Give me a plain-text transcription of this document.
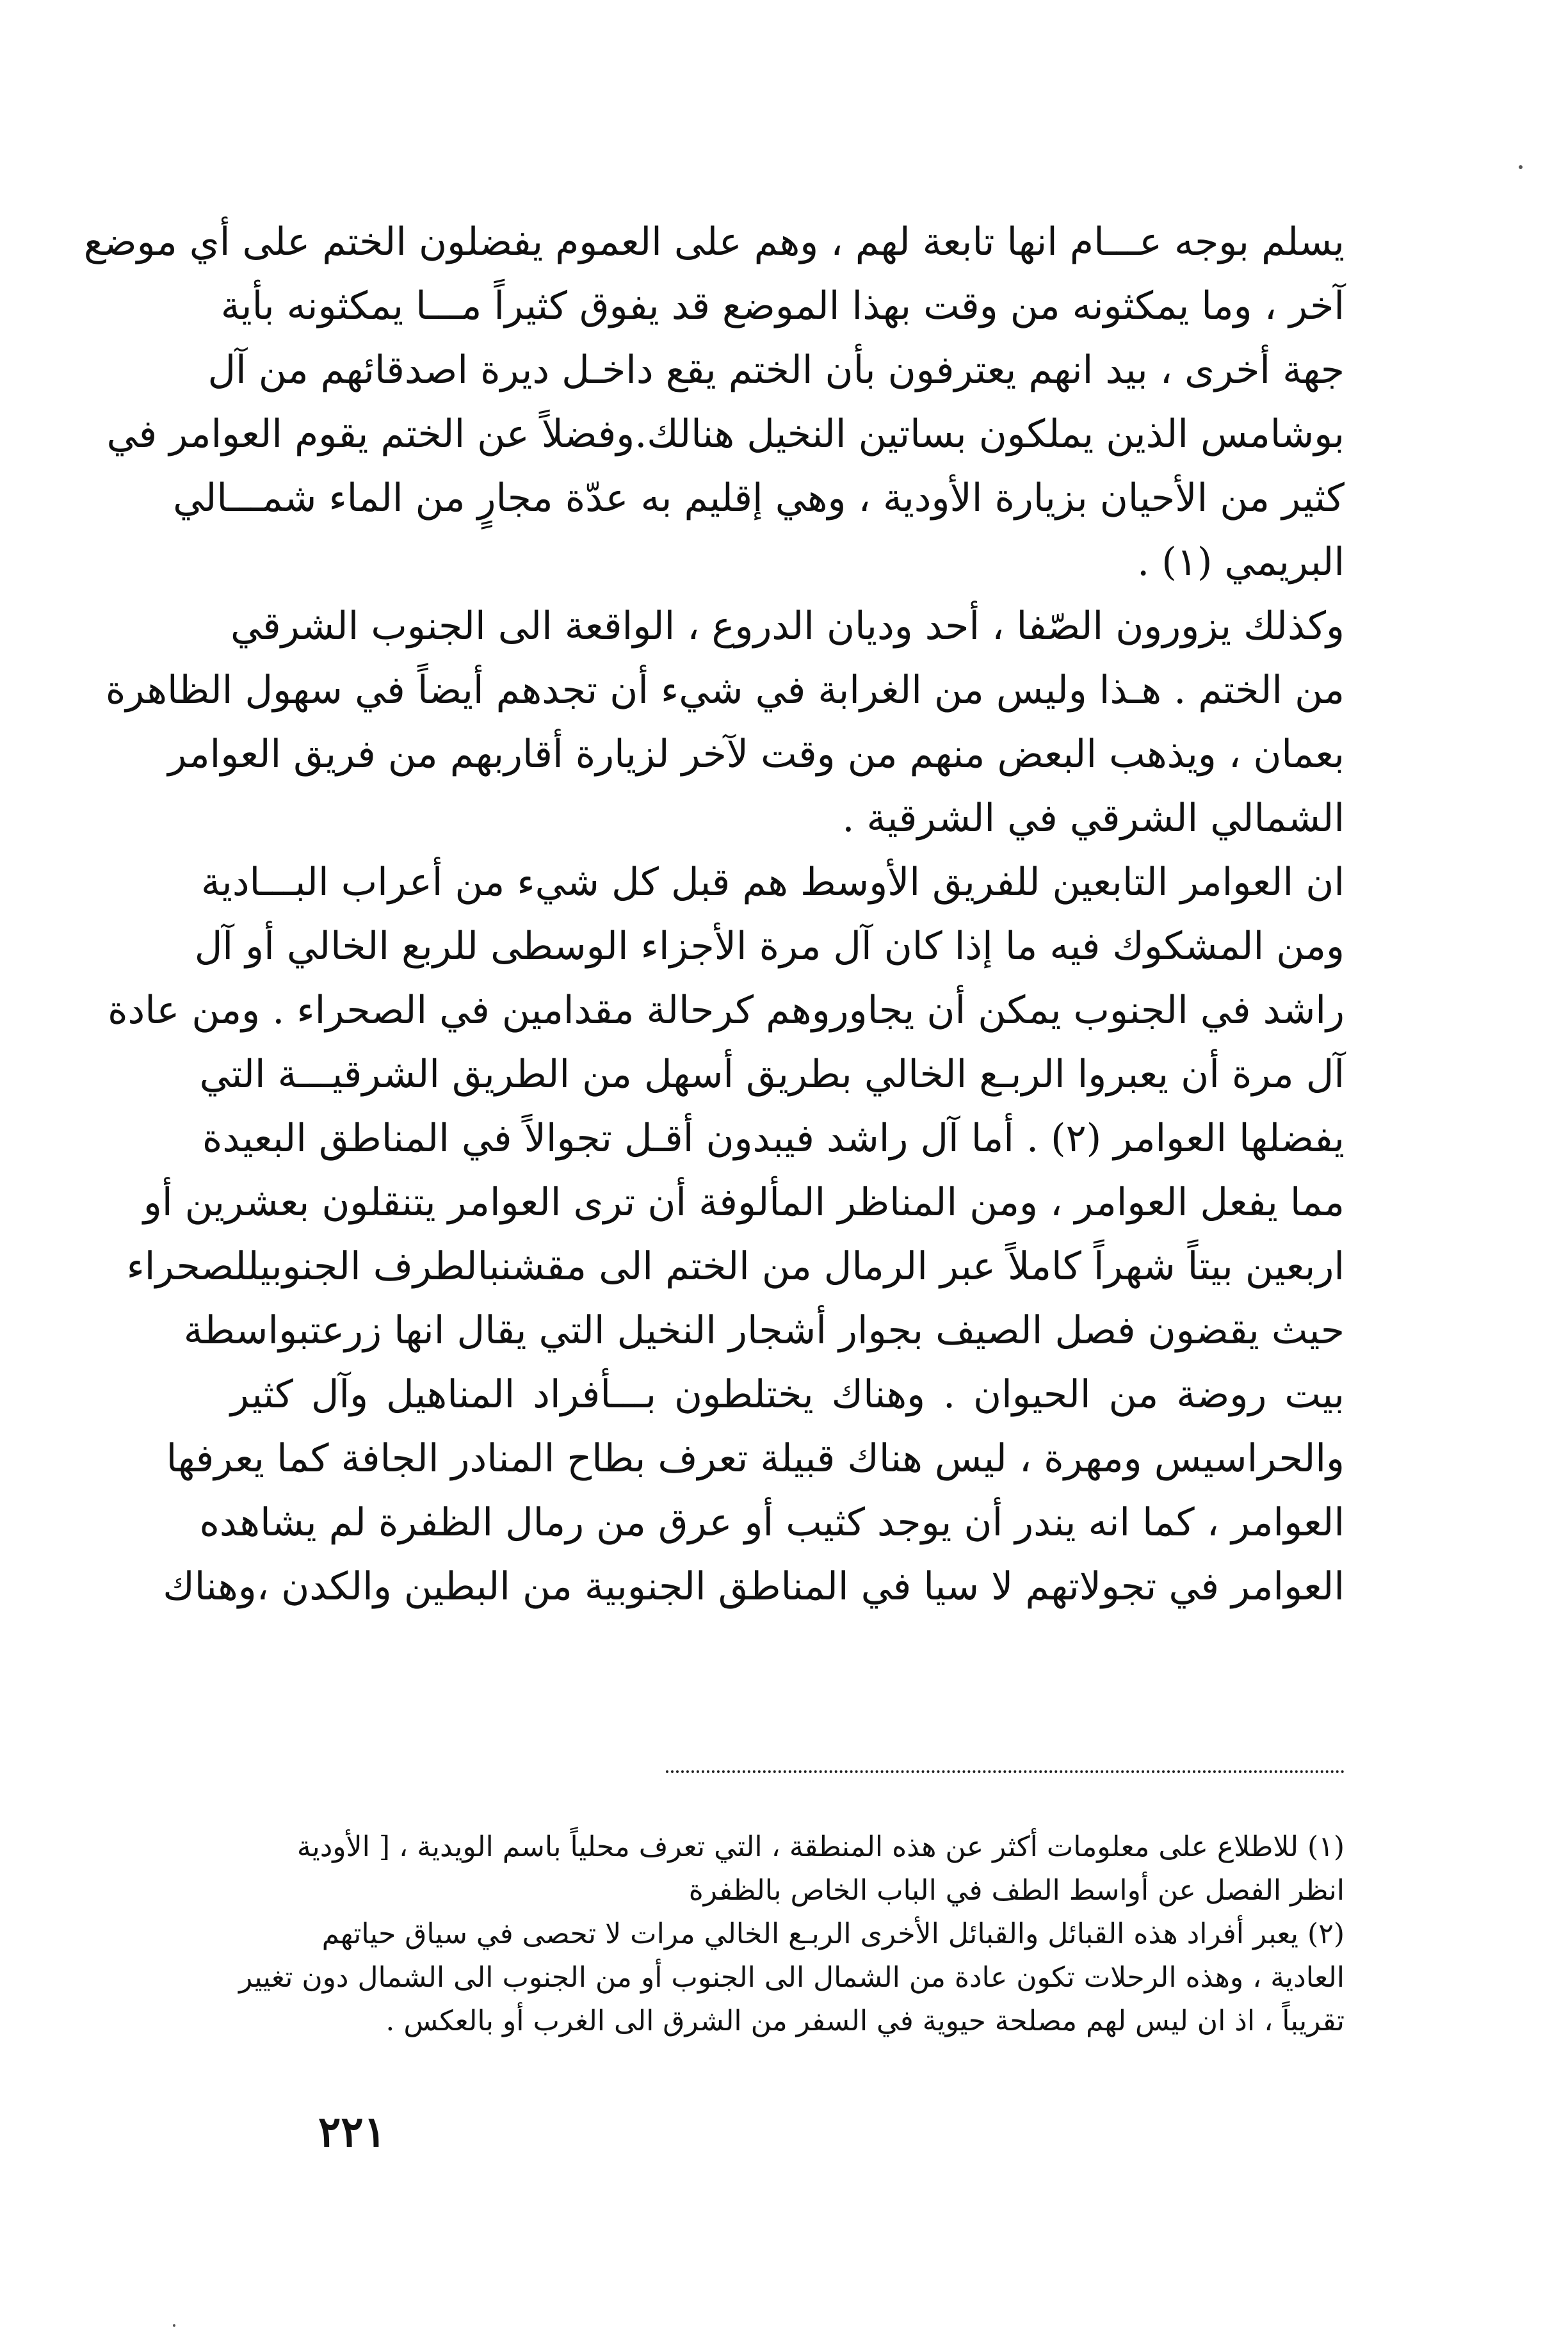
يسلم بوجه عـــام انها تابعة لهم ، وهم على العموم يفضلون الختم على أي موضع
آخر ، وما يمكثونه من وقت بهذا الموضع قد يفوق كثيراً مـــا يمكثونه بأية
جهة أخرى ، بيد انهم يعترفون بأن الختم يقع داخـل ديرة اصدقائهم من آل
بوشامس الذين يملكون بساتين النخيل هنالك.وفضلاً عن الختم يقوم العوامر في
كثير من الأحيان بزيارة الأودية ، وهي إقليم به عدّة مجارٍ من الماء شمـــالي
البريمي (١) .
وكذلك يزورون الصّفا ، أحد وديان الدروع ، الواقعة الى الجنوب الشرقي
من الختم . هـذا وليس من الغرابة في شيء أن تجدهم أيضاً في سهول الظاهرة
بعمان ، ويذهب البعض منهم من وقت لآخر لزيارة أقاربهم من فريق العوامر
الشمالي الشرقي في الشرقية .
ان العوامر التابعين للفريق الأوسط هم قبل كل شيء من أعراب البـــادية
ومن المشكوك فيه ما إذا كان آل مرة الأجزاء الوسطى للربع الخالي أو آل
راشد في الجنوب يمكن أن يجاوروهم كرحالة مقدامين في الصحراء . ومن عادة
آل مرة أن يعبروا الربـع الخالي بطريق أسهل من الطريق الشرقيـــة التي
يفضلها العوامر (٢) . أما آل راشد فيبدون أقـل تجوالاً في المناطق البعيدة
مما يفعل العوامر ، ومن المناظر المألوفة أن ترى العوامر يتنقلون بعشرين أو
اربعين بيتاً شهراً كاملاً عبر الرمال من الختم الى مقشنبالطرف الجنوبيللصحراء
حيث يقضون فصل الصيف بجوار أشجار النخيل التي يقال انها زرعتبواسطة
بيت روضة من الحيوان . وهناك يختلطون بـــأفراد المناهيل وآل كثير
والحراسيس ومهرة ، ليس هناك قبيلة تعرف بطاح المنادر الجافة كما يعرفها
العوامر ، كما انه يندر أن يوجد كثيب أو عرق من رمال الظفرة لم يشاهده
العوامر في تجولاتهم لا سيا في المناطق الجنوبية من البطين والكدن ،وهناك
(١) للاطلاع على معلومات أكثر عن هذه المنطقة ، التي تعرف محلياً باسم الويدية ، [ الأودية
انظر الفصل عن أواسط الطف في الباب الخاص بالظفرة
(٢) يعبر أفراد هذه القبائل والقبائل الأخرى الربـع الخالي مرات لا تحصى في سياق حياتهم
العادية ، وهذه الرحلات تكون عادة من الشمال الى الجنوب أو من الجنوب الى الشمال دون تغيير
تقريباً ، اذ ان ليس لهم مصلحة حيوية في السفر من الشرق الى الغرب أو بالعكس .
٢٢١
